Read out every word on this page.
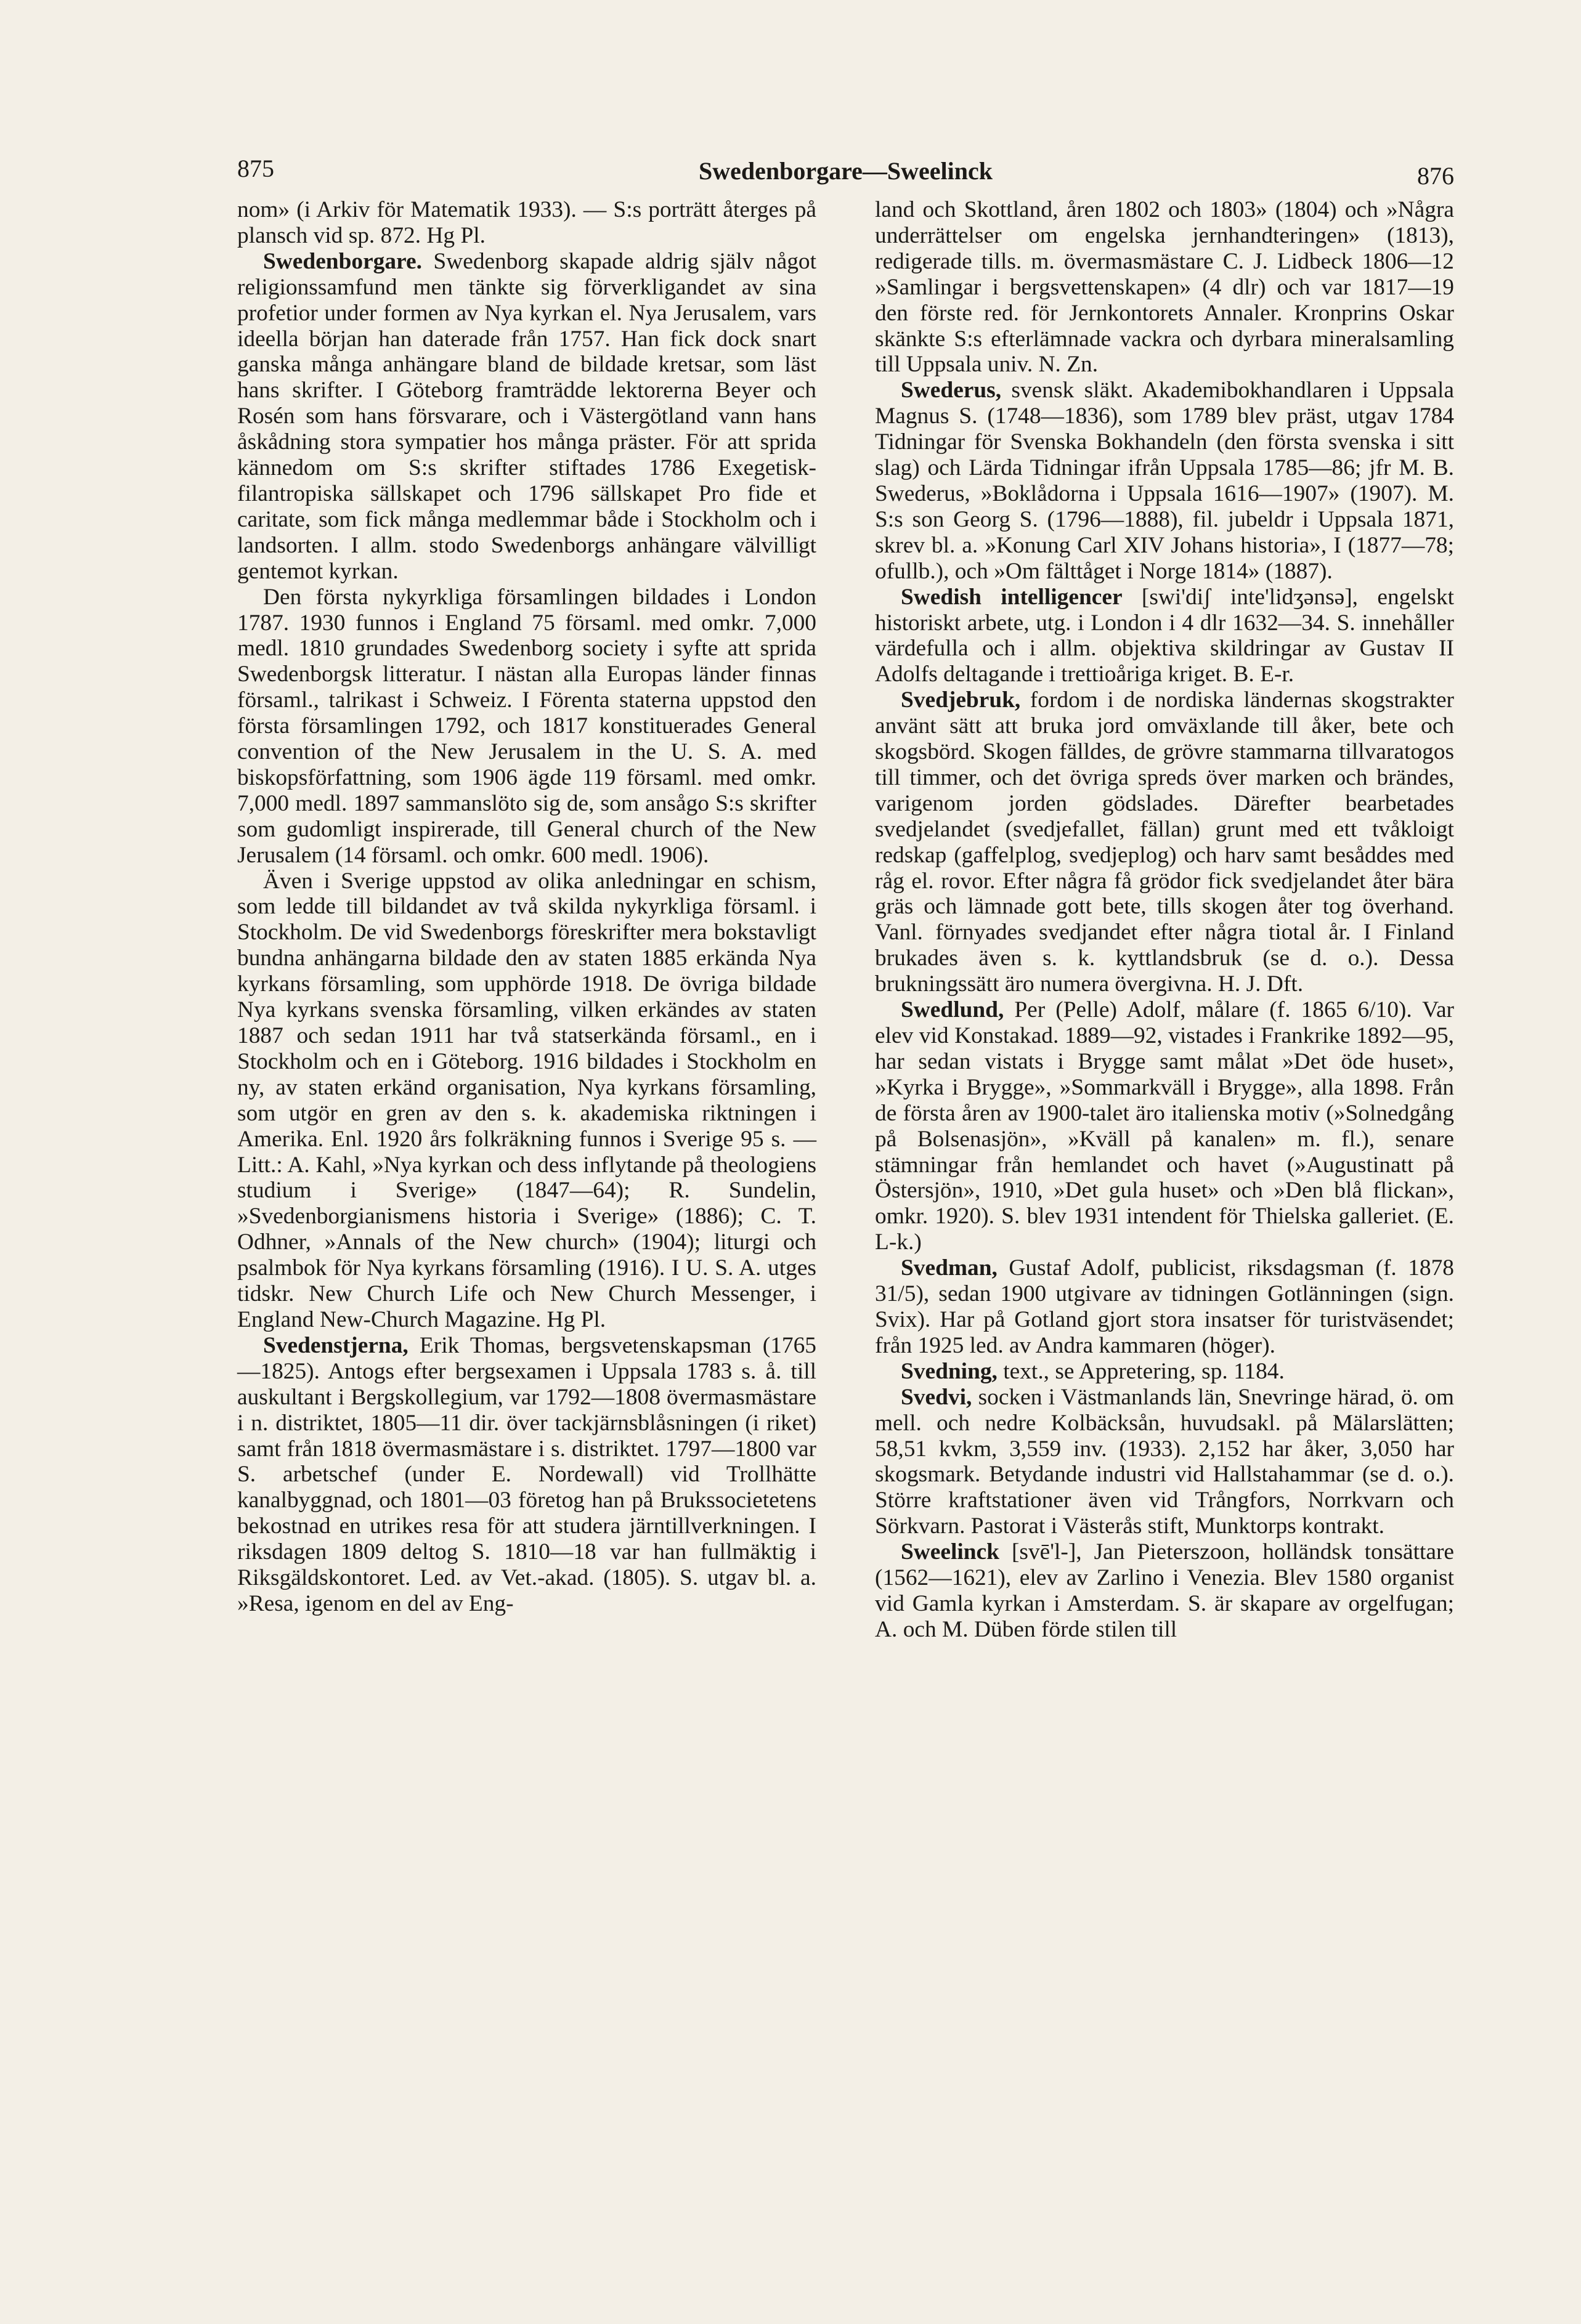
875	Swedenborgare—Sweelinck	876

nom» (i Arkiv för Matematik 1933). — S:s porträtt återges på plansch vid sp. 872. Hg Pl.

Swedenborgare. Swedenborg skapade aldrig själv något religionssamfund men tänkte sig förverkligandet av sina profetior under formen av Nya kyrkan el. Nya Jerusalem, vars ideella början han daterade från 1757. Han fick dock snart ganska många anhängare bland de bildade kretsar, som läst hans skrifter. I Göteborg framträdde lektorerna Beyer och Rosén som hans försvarare, och i Västergötland vann hans åskådning stora sympatier hos många präster. För att sprida kännedom om S:s skrifter stiftades 1786 Exegetisk-filantropiska sällskapet och 1796 sällskapet Pro fide et caritate, som fick många medlemmar både i Stockholm och i landsorten. I allm. stodo Swedenborgs anhängare välvilligt gentemot kyrkan.

Den första nykyrkliga församlingen bildades i London 1787. 1930 funnos i England 75 församl. med omkr. 7,000 medl. 1810 grundades Swedenborg society i syfte att sprida Swedenborgsk litteratur. I nästan alla Europas länder finnas församl., talrikast i Schweiz. I Förenta staterna uppstod den första församlingen 1792, och 1817 konstituerades General convention of the New Jerusalem in the U. S. A. med biskopsförfattning, som 1906 ägde 119 församl. med omkr. 7,000 medl. 1897 sammanslöto sig de, som ansågo S:s skrifter som gudomligt inspirerade, till General church of the New Jerusalem (14 församl. och omkr. 600 medl. 1906).

Även i Sverige uppstod av olika anledningar en schism, som ledde till bildandet av två skilda nykyrkliga församl. i Stockholm. De vid Swedenborgs föreskrifter mera bokstavligt bundna anhängarna bildade den av staten 1885 erkända Nya kyrkans församling, som upphörde 1918. De övriga bildade Nya kyrkans svenska församling, vilken erkändes av staten 1887 och sedan 1911 har två statserkända församl., en i Stockholm och en i Göteborg. 1916 bildades i Stockholm en ny, av staten erkänd organisation, Nya kyrkans församling, som utgör en gren av den s. k. akademiska riktningen i Amerika. Enl. 1920 års folkräkning funnos i Sverige 95 s. — Litt.: A. Kahl, »Nya kyrkan och dess inflytande på theologiens studium i Sverige» (1847—64); R. Sundelin, »Svedenborgianismens historia i Sverige» (1886); C. T. Odhner, »Annals of the New church» (1904); liturgi och psalmbok för Nya kyrkans församling (1916). I U. S. A. utges tidskr. New Church Life och New Church Messenger, i England New-Church Magazine. Hg Pl.

Svedenstjerna, Erik Thomas, bergsvetenskapsman (1765—1825). Antogs efter bergsexamen i Uppsala 1783 s. å. till auskultant i Bergskollegium, var 1792—1808 övermasmästare i n. distriktet, 1805—11 dir. över tackjärnsblåsningen (i riket) samt från 1818 övermasmästare i s. distriktet. 1797—1800 var S. arbetschef (under E. Nordewall) vid Trollhätte kanalbyggnad, och 1801—03 företog han på Brukssocietetens bekostnad en utrikes resa för att studera järntillverkningen. I riksdagen 1809 deltog S. 1810—18 var han fullmäktig i Riksgäldskontoret. Led. av Vet.-akad. (1805). S. utgav bl. a. »Resa, igenom en del av Eng-

land och Skottland, åren 1802 och 1803» (1804) och »Några underrättelser om engelska jernhandteringen» (1813), redigerade tills. m. övermasmästare C. J. Lidbeck 1806—12 »Samlingar i bergsvettenskapen» (4 dlr) och var 1817—19 den förste red. för Jernkontorets Annaler. Kronprins Oskar skänkte S:s efterlämnade vackra och dyrbara mineralsamling till Uppsala univ. N. Zn.

Swederus, svensk släkt. Akademibokhandlaren i Uppsala Magnus S. (1748—1836), som 1789 blev präst, utgav 1784 Tidningar för Svenska Bokhandeln (den första svenska i sitt slag) och Lärda Tidningar ifrån Uppsala 1785—86; jfr M. B. Swederus, »Boklådorna i Uppsala 1616—1907» (1907). M. S:s son Georg S. (1796—1888), fil. jubeldr i Uppsala 1871, skrev bl. a. »Konung Carl XIV Johans historia», I (1877—78; ofullb.), och »Om fälttåget i Norge 1814» (1887).

Swedish intelligencer [swi'diʃ inte'lidʒənsə], engelskt historiskt arbete, utg. i London i 4 dlr 1632—34. S. innehåller värdefulla och i allm. objektiva skildringar av Gustav II Adolfs deltagande i trettioåriga kriget. B. E-r.

Svedjebruk, fordom i de nordiska ländernas skogstrakter använt sätt att bruka jord omväxlande till åker, bete och skogsbörd. Skogen fälldes, de grövre stammarna tillvaratogos till timmer, och det övriga spreds över marken och brändes, varigenom jorden gödslades. Därefter bearbetades svedjelandet (svedjefallet, fällan) grunt med ett tvåkloigt redskap (gaffelplog, svedjeplog) och harv samt besåddes med råg el. rovor. Efter några få grödor fick svedjelandet åter bära gräs och lämnade gott bete, tills skogen åter tog överhand. Vanl. förnyades svedjandet efter några tiotal år. I Finland brukades även s. k. kyttlandsbruk (se d. o.). Dessa brukningssätt äro numera övergivna. H. J. Dft.

Swedlund, Per (Pelle) Adolf, målare (f. 1865 6/10). Var elev vid Konstakad. 1889—92, vistades i Frankrike 1892—95, har sedan vistats i Brygge samt målat »Det öde huset», »Kyrka i Brygge», »Sommarkväll i Brygge», alla 1898. Från de första åren av 1900-talet äro italienska motiv (»Solnedgång på Bolsenasjön», »Kväll på kanalen» m. fl.), senare stämningar från hemlandet och havet (»Augustinatt på Östersjön», 1910, »Det gula huset» och »Den blå flickan», omkr. 1920). S. blev 1931 intendent för Thielska galleriet. (E. L-k.)

Svedman, Gustaf Adolf, publicist, riksdagsman (f. 1878 31/5), sedan 1900 utgivare av tidningen Gotlänningen (sign. Svix). Har på Gotland gjort stora insatser för turistväsendet; från 1925 led. av Andra kammaren (höger).

Svedning, text., se Appretering, sp. 1184.

Svedvi, socken i Västmanlands län, Snevringe härad, ö. om mell. och nedre Kolbäcksån, huvudsakl. på Mälarslätten; 58,51 kvkm, 3,559 inv. (1933). 2,152 har åker, 3,050 har skogsmark. Betydande industri vid Hallstahammar (se d. o.). Större kraftstationer även vid Trångfors, Norrkvarn och Sörkvarn. Pastorat i Västerås stift, Munktorps kontrakt.

Sweelinck [svē'l-], Jan Pieterszoon, holländsk tonsättare (1562—1621), elev av Zarlino i Venezia. Blev 1580 organist vid Gamla kyrkan i Amsterdam. S. är skapare av orgelfugan; A. och M. Düben förde stilen till
